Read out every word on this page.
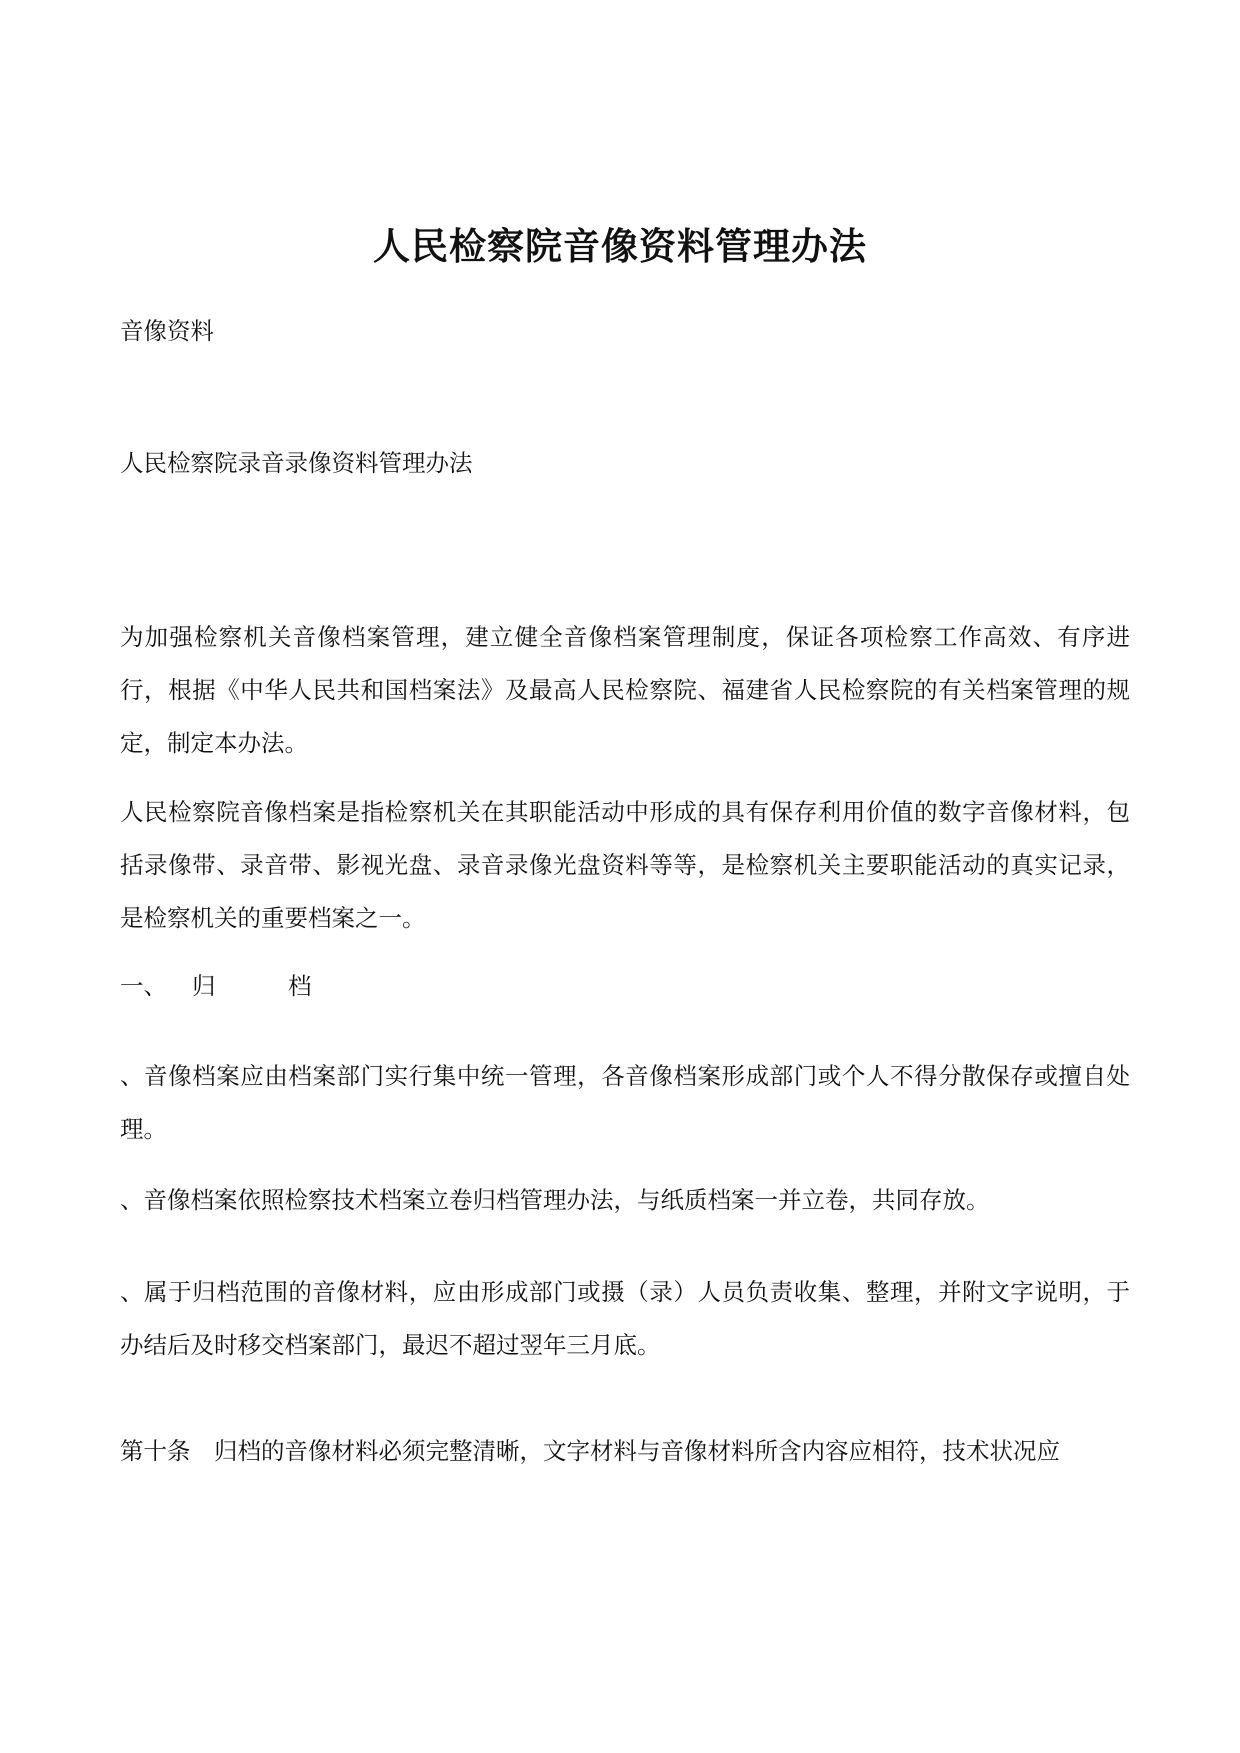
人民检察院音像资料管理办法

音像资料

人民检察院录音录像资料管理办法

为加强检察机关音像档案管理，建立健全音像档案管理制度，保证各项检察工作高效、有序进行，根据《中华人民共和国档案法》及最高人民检察院、福建省人民检察院的有关档案管理的规定，制定本办法。

人民检察院音像档案是指检察机关在其职能活动中形成的具有保存利用价值的数字音像材料，包括录像带、录音带、影视光盘、录音录像光盘资料等等，是检察机关主要职能活动的真实记录，是检察机关的重要档案之一。

一、 归	档

、音像档案应由档案部门实行集中统一管理，各音像档案形成部门或个人不得分散保存或擅自处理。

、音像档案依照检察技术档案立卷归档管理办法，与纸质档案一并立卷，共同存放。

、属于归档范围的音像材料，应由形成部门或摄（录）人员负责收集、整理，并附文字说明，于办结后及时移交档案部门，最迟不超过翌年三月底。

第十条　归档的音像材料必须完整清晰，文字材料与音像材料所含内容应相符，技术状况应
